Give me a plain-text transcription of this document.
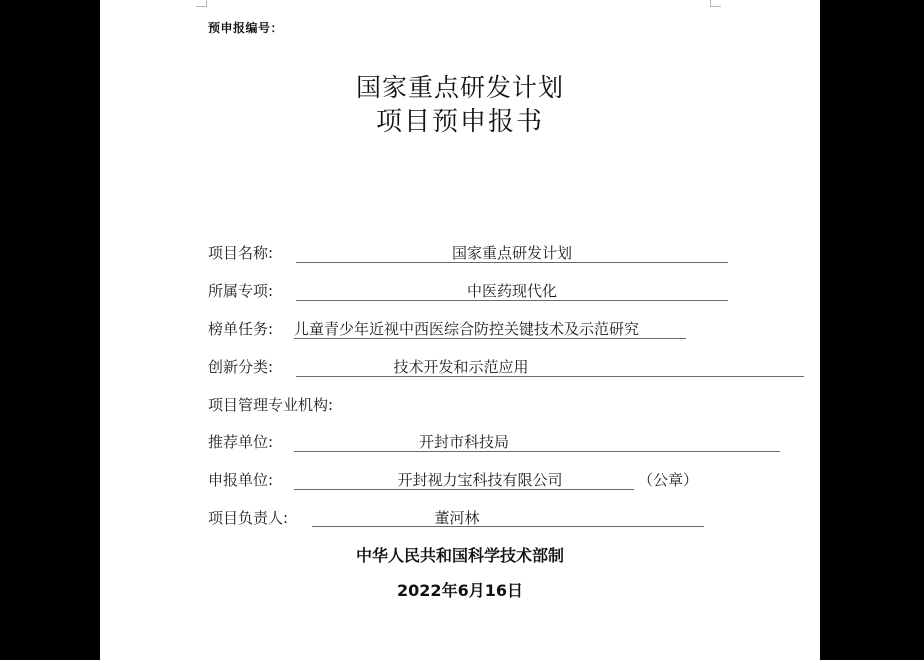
预申报编号：
国家重点研发计划
项目预申报书
项目名称:	国家重点研发计划
所属专项:	中医药现代化
榜单任务: 儿童青少年近视中西医综合防控关键技术及示范研究
创新分类:	技术开发和示范应用
项目管理专业机构:
推荐单位:	开封市科技局
申报单位:	开封视力宝科技有限公司	（公章）
项目负责人:	董河林
中华人民共和国科学技术部制
2022年6月16日
